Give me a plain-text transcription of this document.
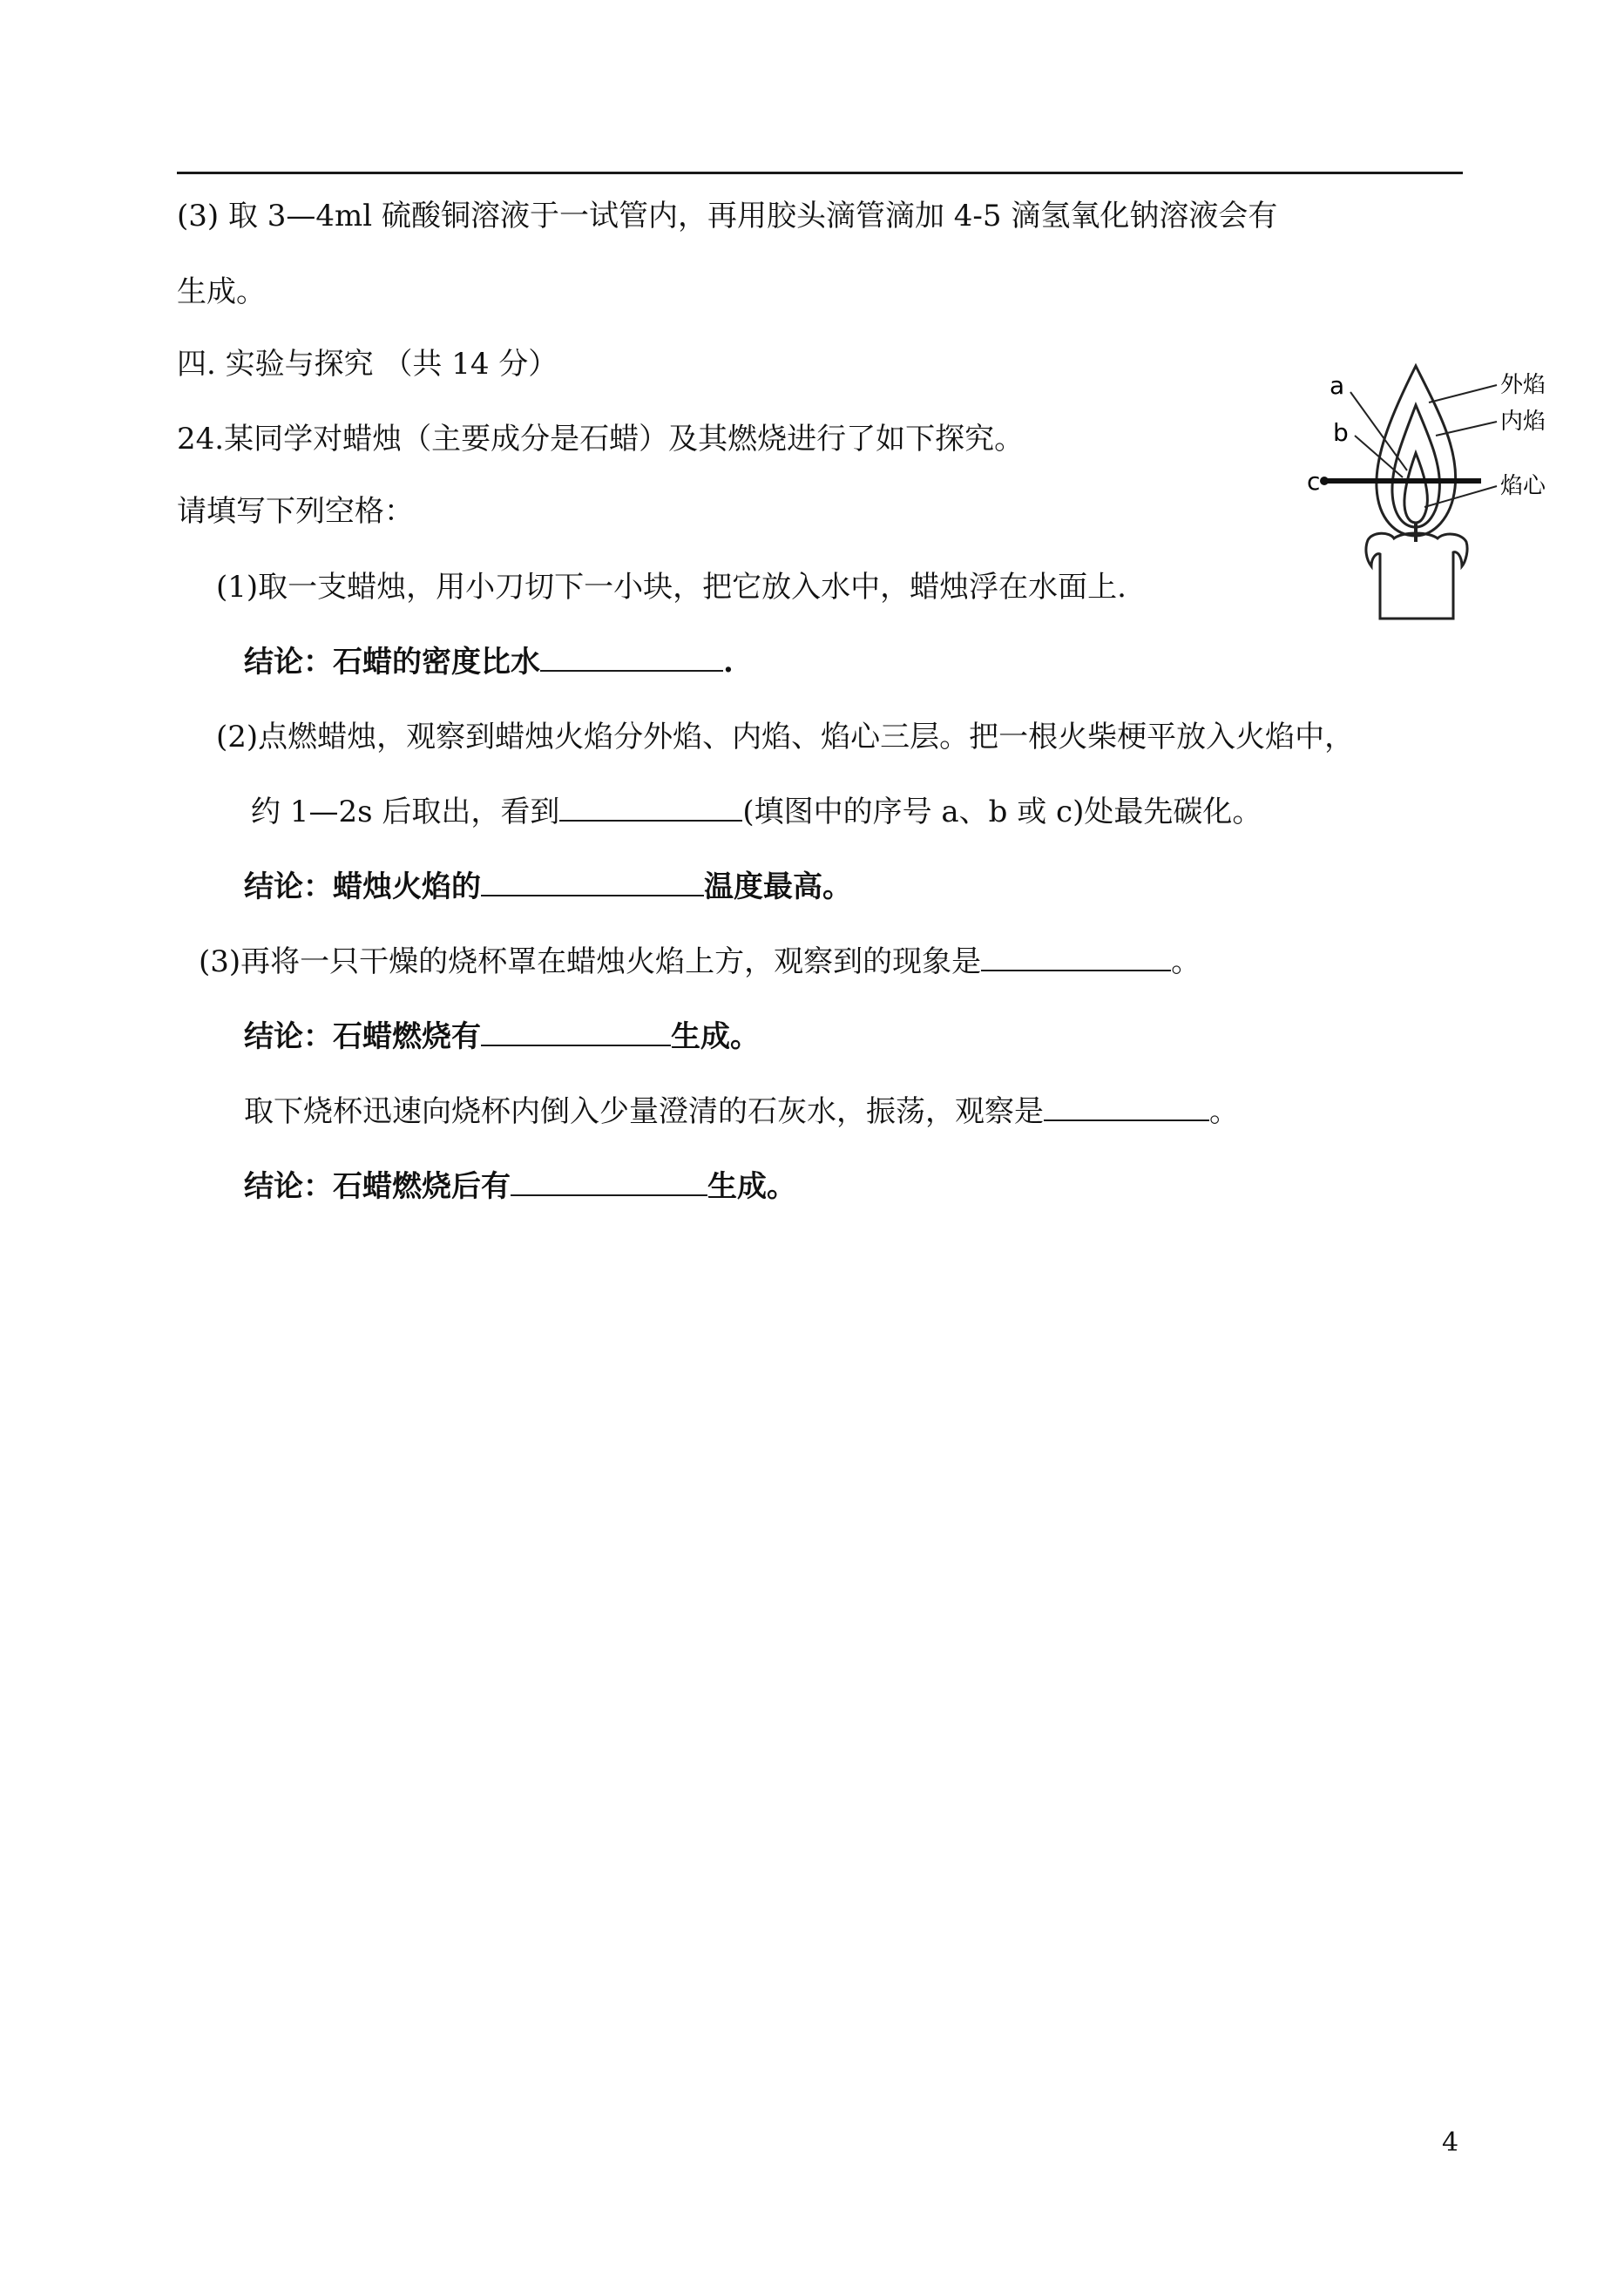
(3) 取 3—4ml 硫酸铜溶液于一试管内，再用胶头滴管滴加 4-5 滴氢氧化钠溶液会有
生成。
四. 实验与探究 （共 14 分）
24.某同学对蜡烛（主要成分是石蜡）及其燃烧进行了如下探究。
请填写下列空格：
(1)取一支蜡烛，用小刀切下一小块，把它放入水中，蜡烛浮在水面上.
结论：石蜡的密度比水	.
(2)点燃蜡烛，观察到蜡烛火焰分外焰、内焰、焰心三层。把一根火柴梗平放入火焰中，
约 1—2s 后取出，看到	(填图中的序号 a、b 或 c)处最先碳化。
结论：蜡烛火焰的	温度最高。
(3)再将一只干燥的烧杯罩在蜡烛火焰上方，观察到的现象是	。
结论：石蜡燃烧有	生成。
取下烧杯迅速向烧杯内倒入少量澄清的石灰水，振荡，观察是	。
结论：石蜡燃烧后有	生成。
a
b
c
外焰
内焰
焰心
4
